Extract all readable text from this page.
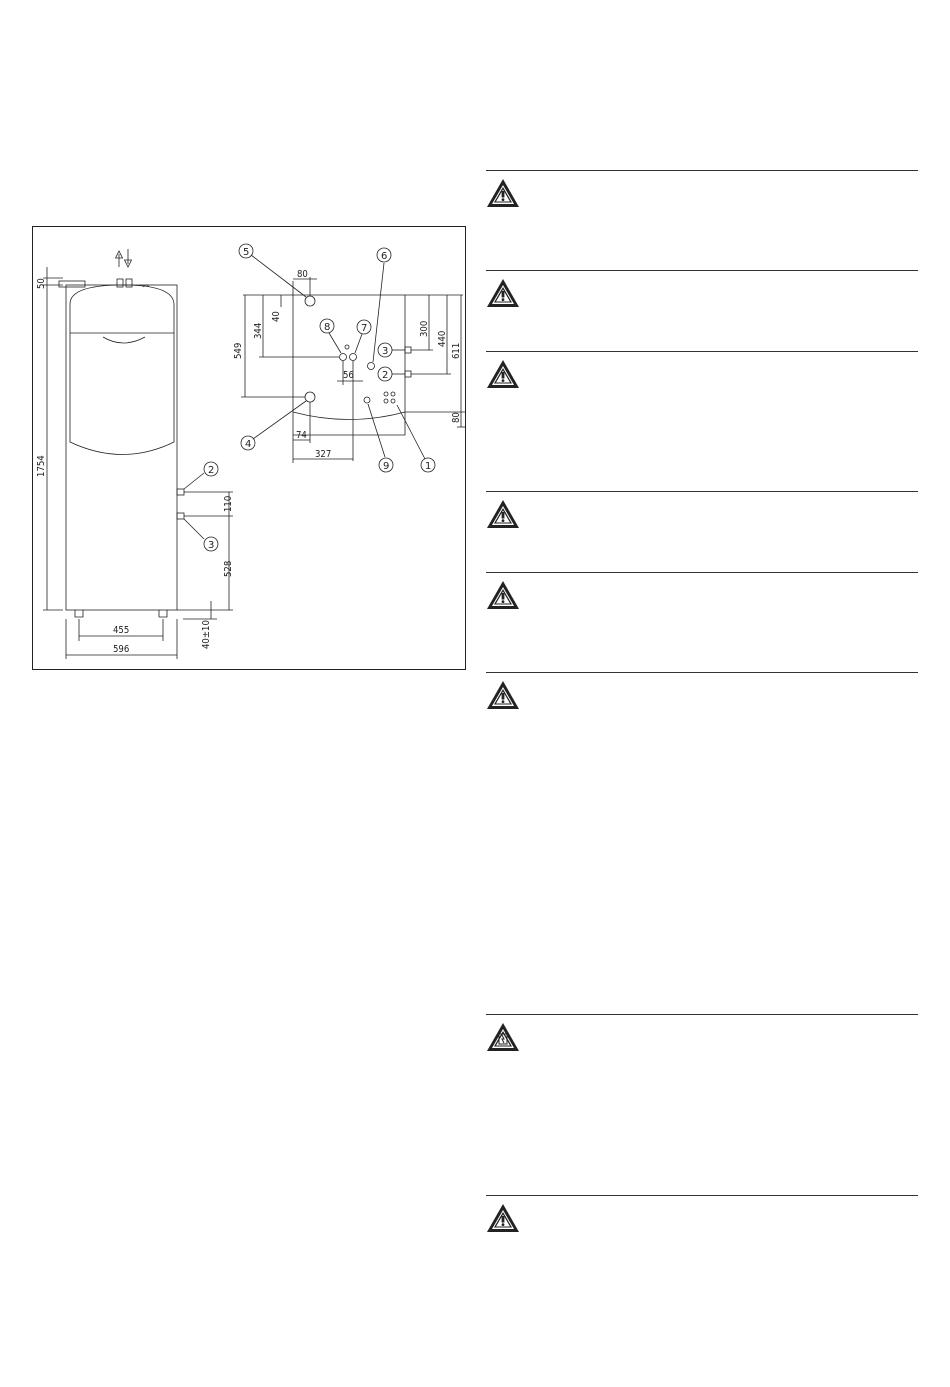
50
1754
110
528
40±10
455
596
2
3
80
40
344
549
56
74
327
300
440
611
80
5	6
8	7
3
2
4
9	1
